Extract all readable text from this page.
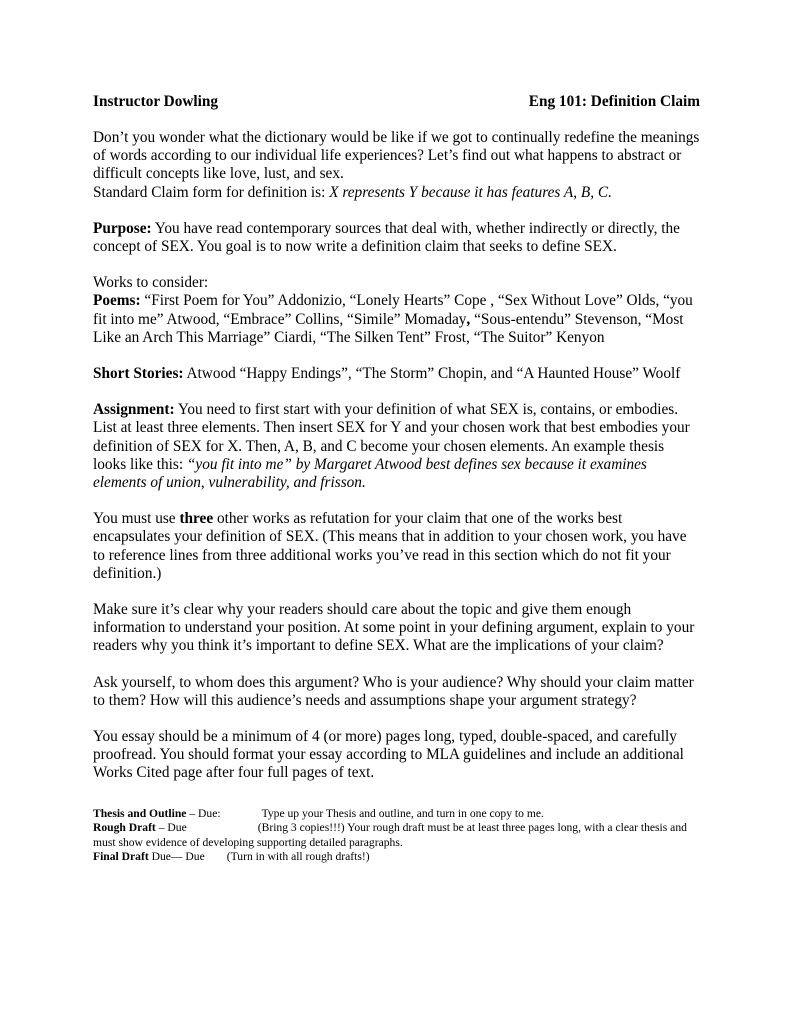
Instructor Dowling	Eng 101: Definition Claim

Don’t you wonder what the dictionary would be like if we got to continually redefine the meanings of words according to our individual life experiences? Let’s find out what happens to abstract or difficult concepts like love, lust, and sex.
Standard Claim form for definition is: X represents Y because it has features A, B, C.

Purpose: You have read contemporary sources that deal with, whether indirectly or directly, the concept of SEX. You goal is to now write a definition claim that seeks to define SEX.

Works to consider:
Poems: “First Poem for You” Addonizio, “Lonely Hearts” Cope , “Sex Without Love” Olds, “you fit into me” Atwood, “Embrace” Collins, “Simile” Momaday, “Sous-entendu” Stevenson, “Most Like an Arch This Marriage” Ciardi, “The Silken Tent” Frost, “The Suitor” Kenyon

Short Stories: Atwood “Happy Endings”, “The Storm” Chopin, and “A Haunted House” Woolf

Assignment: You need to first start with your definition of what SEX is, contains, or embodies. List at least three elements. Then insert SEX for Y and your chosen work that best embodies your definition of SEX for X. Then, A, B, and C become your chosen elements. An example thesis looks like this: “you fit into me” by Margaret Atwood best defines sex because it examines elements of union, vulnerability, and frisson.

You must use three other works as refutation for your claim that one of the works best encapsulates your definition of SEX. (This means that in addition to your chosen work, you have to reference lines from three additional works you’ve read in this section which do not fit your definition.)

Make sure it’s clear why your readers should care about the topic and give them enough information to understand your position. At some point in your defining argument, explain to your readers why you think it’s important to define SEX. What are the implications of your claim?

Ask yourself, to whom does this argument? Who is your audience? Why should your claim matter to them? How will this audience’s needs and assumptions shape your argument strategy?

You essay should be a minimum of 4 (or more) pages long, typed, double-spaced, and carefully proofread. You should format your essay according to MLA guidelines and include an additional Works Cited page after four full pages of text.

Thesis and Outline – Due:	Type up your Thesis and outline, and turn in one copy to me.
Rough Draft – Due	(Bring 3 copies!!!) Your rough draft must be at least three pages long, with a clear thesis and must show evidence of developing supporting detailed paragraphs.
Final Draft Due— Due (Turn in with all rough drafts!)
